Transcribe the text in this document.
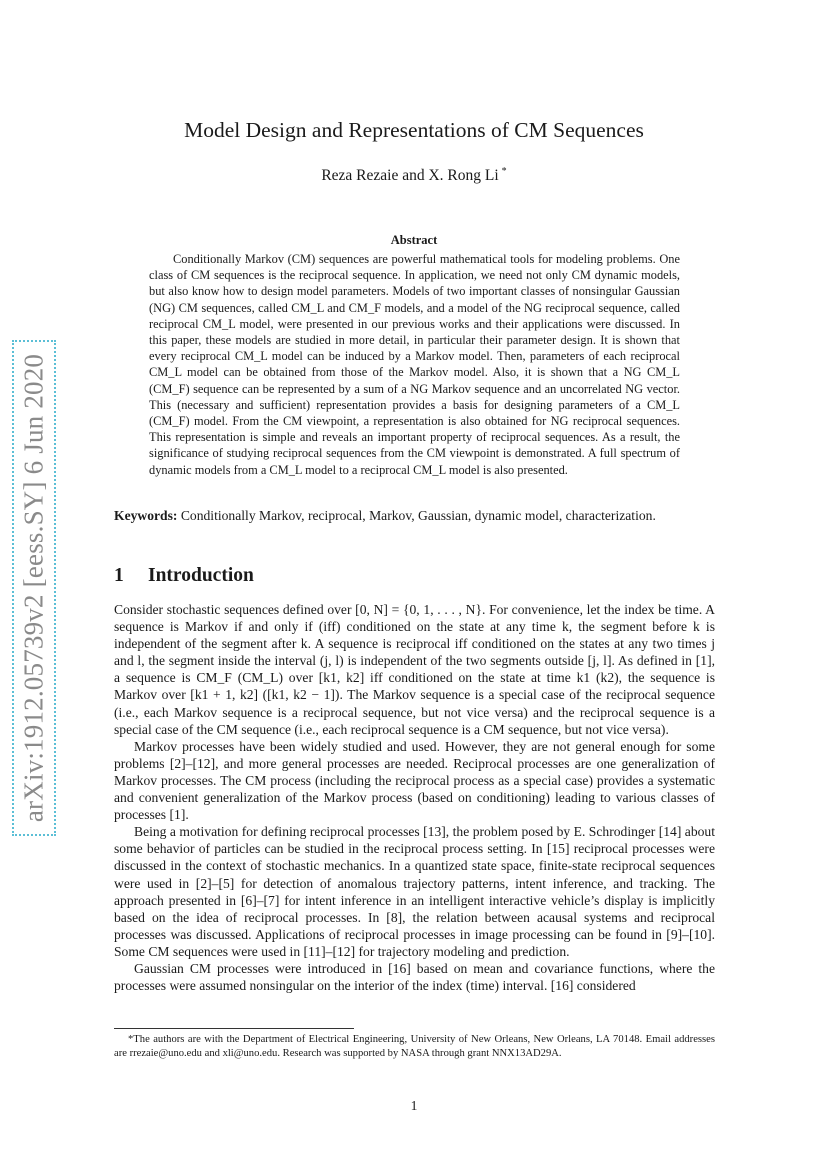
arXiv:1912.05739v2 [eess.SY] 6 Jun 2020
Model Design and Representations of CM Sequences
Reza Rezaie and X. Rong Li *
Abstract

Conditionally Markov (CM) sequences are powerful mathematical tools for modeling problems. One class of CM sequences is the reciprocal sequence. In application, we need not only CM dynamic models, but also know how to design model parameters. Models of two important classes of nonsingular Gaussian (NG) CM sequences, called CM_L and CM_F models, and a model of the NG reciprocal sequence, called reciprocal CM_L model, were presented in our previous works and their applications were discussed. In this paper, these models are studied in more detail, in particular their parameter design. It is shown that every reciprocal CM_L model can be induced by a Markov model. Then, parameters of each reciprocal CM_L model can be obtained from those of the Markov model. Also, it is shown that a NG CM_L (CM_F) sequence can be represented by a sum of a NG Markov sequence and an uncorrelated NG vector. This (necessary and sufficient) representation provides a basis for designing parameters of a CM_L (CM_F) model. From the CM viewpoint, a representation is also obtained for NG reciprocal sequences. This representation is simple and reveals an important property of reciprocal sequences. As a result, the significance of studying reciprocal sequences from the CM viewpoint is demonstrated. A full spectrum of dynamic models from a CM_L model to a reciprocal CM_L model is also presented.

Keywords: Conditionally Markov, reciprocal, Markov, Gaussian, dynamic model, characterization.

1 Introduction

Consider stochastic sequences defined over [0, N] = {0, 1, . . . , N}. For convenience, let the index be time. A sequence is Markov if and only if (iff) conditioned on the state at any time k, the segment before k is independent of the segment after k. A sequence is reciprocal iff conditioned on the states at any two times j and l, the segment inside the interval (j, l) is independent of the two segments outside [j, l]. As defined in [1], a sequence is CM_F (CM_L) over [k1, k2] iff conditioned on the state at time k1 (k2), the sequence is Markov over [k1 + 1, k2] ([k1, k2 − 1]). The Markov sequence is a special case of the reciprocal sequence (i.e., each Markov sequence is a reciprocal sequence, but not vice versa) and the reciprocal sequence is a special case of the CM sequence (i.e., each reciprocal sequence is a CM sequence, but not vice versa).

Markov processes have been widely studied and used. However, they are not general enough for some problems [2]–[12], and more general processes are needed. Reciprocal processes are one generalization of Markov processes. The CM process (including the reciprocal process as a special case) provides a systematic and convenient generalization of the Markov process (based on conditioning) leading to various classes of processes [1].

Being a motivation for defining reciprocal processes [13], the problem posed by E. Schrodinger [14] about some behavior of particles can be studied in the reciprocal process setting. In [15] reciprocal processes were discussed in the context of stochastic mechanics. In a quantized state space, finite-state reciprocal sequences were used in [2]–[5] for detection of anomalous trajectory patterns, intent inference, and tracking. The approach presented in [6]–[7] for intent inference in an intelligent interactive vehicle’s display is implicitly based on the idea of reciprocal processes. In [8], the relation between acausal systems and reciprocal processes was discussed. Applications of reciprocal processes in image processing can be found in [9]–[10]. Some CM sequences were used in [11]–[12] for trajectory modeling and prediction.

Gaussian CM processes were introduced in [16] based on mean and covariance functions, where the processes were assumed nonsingular on the interior of the index (time) interval. [16] considered

*The authors are with the Department of Electrical Engineering, University of New Orleans, New Orleans, LA 70148. Email addresses are rrezaie@uno.edu and xli@uno.edu. Research was supported by NASA through grant NNX13AD29A.

1
